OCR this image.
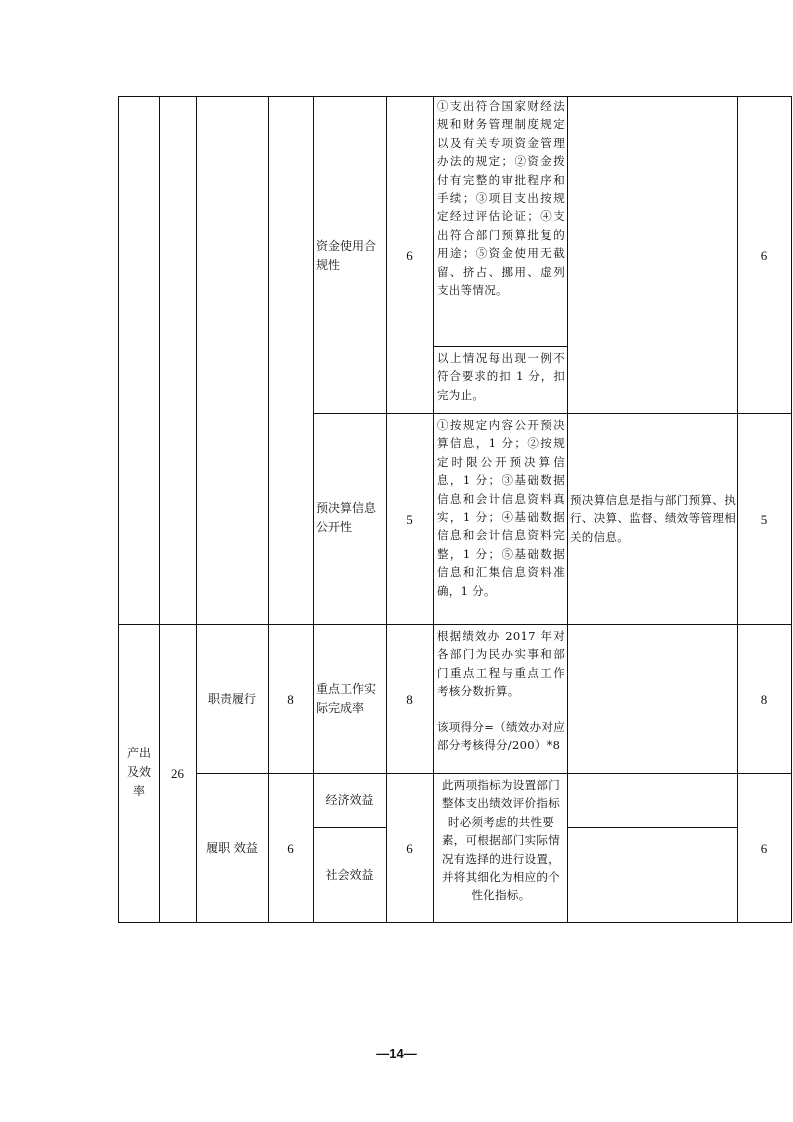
资金使用合规性
6
①支出符合国家财经法规和财务管理制度规定以及有关专项资金管理办法的规定；②资金拨付有完整的审批程序和手续；③项目支出按规定经过评估论证；④支出符合部门预算批复的用途；⑤资金使用无截留、挤占、挪用、虚列支出等情况。
以上情况每出现一例不符合要求的扣 1 分，扣完为止。
6
预决算信息公开性
5
①按规定内容公开预决算信息，1 分；②按规定时限公开预决算信息，1 分；③基础数据信息和会计信息资料真实，1 分；④基础数据信息和会计信息资料完整，1 分；⑤基础数据信息和汇集信息资料准确，1 分。
预决算信息是指与部门预算、执行、决算、监督、绩效等管理相关的信息。
5
产出及效率
26
职责履行	8
重点工作实际完成率
8
根据绩效办 2017 年对各部门为民办实事和部门重点工程与重点工作考核分数折算。
该项得分=（绩效办对应部分考核得分/200）*8
8
履职 效益	6
经济效益
社会效益
6
此两项指标为设置部门整体支出绩效评价指标时必须考虑的共性要素，可根据部门实际情况有选择的进行设置，并将其细化为相应的个性化指标。
6
—14—
